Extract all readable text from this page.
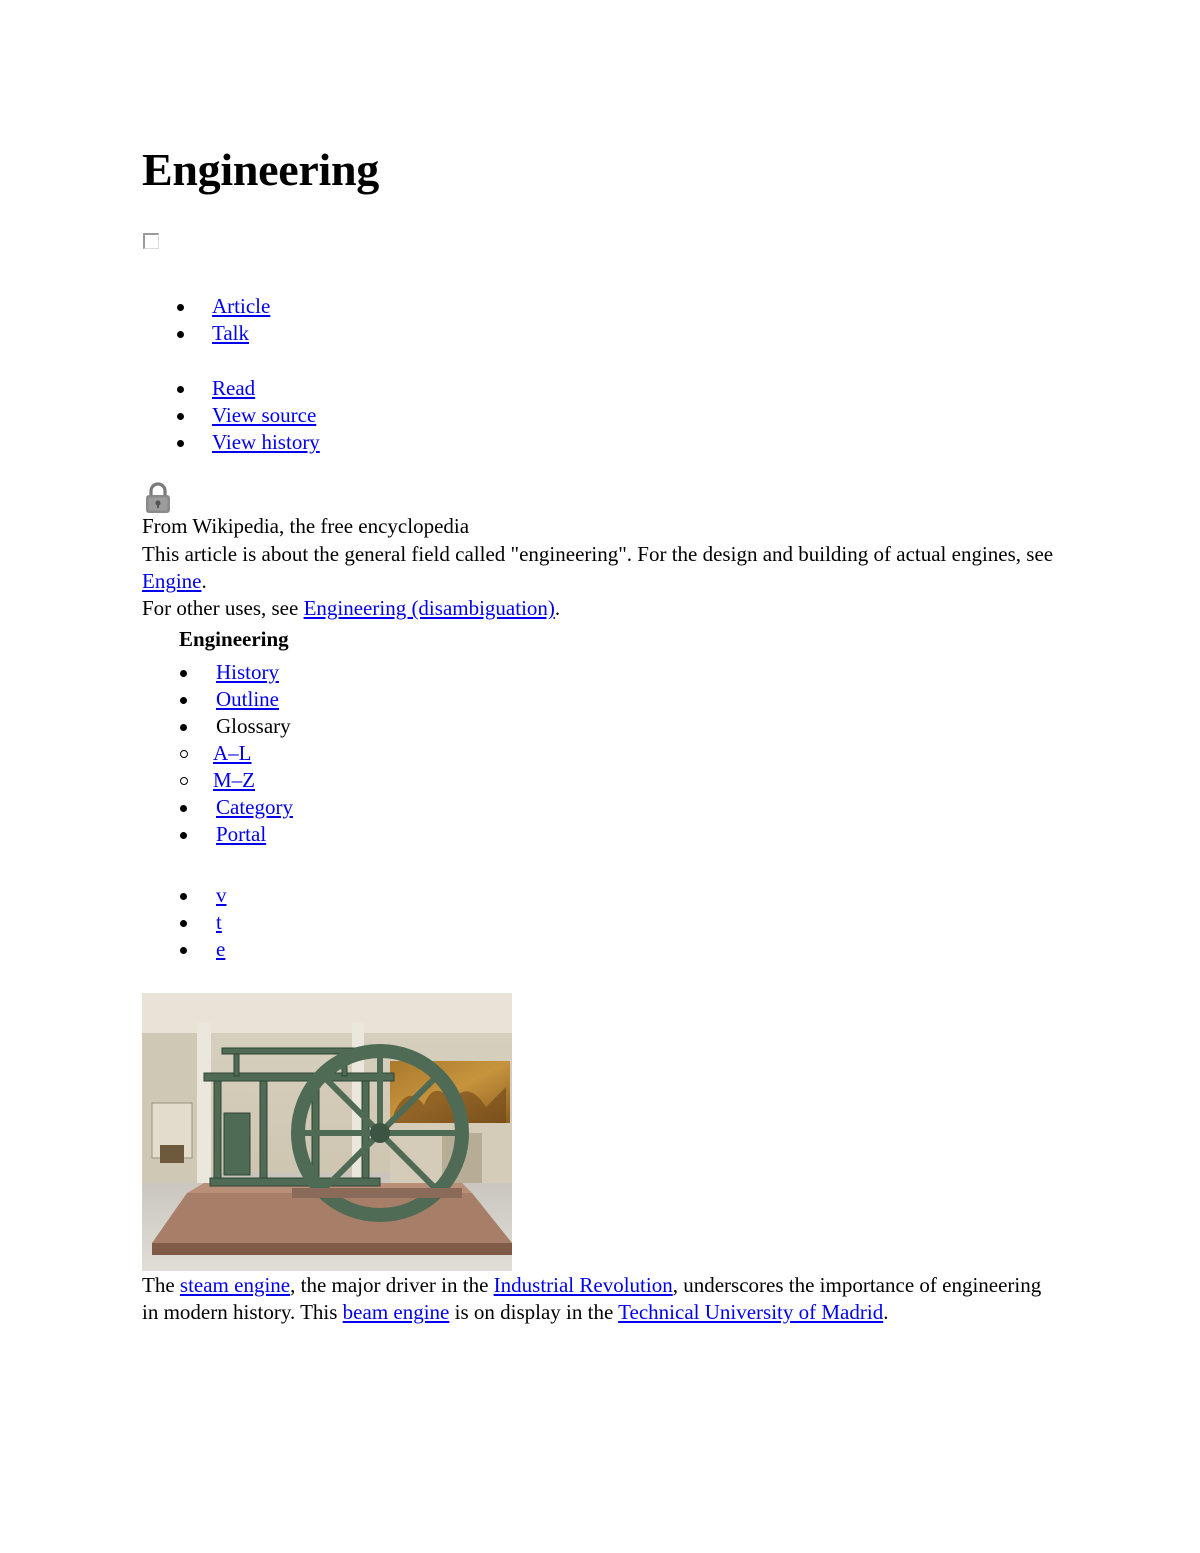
Engineering
Article
Talk
Read
View source
View history
From Wikipedia, the free encyclopedia
This article is about the general field called "engineering". For the design and building of actual engines, see Engine.
For other uses, see Engineering (disambiguation).
Engineering
History
Outline
Glossary
A–L
M–Z
Category
Portal
v
t
e
The steam engine, the major driver in the Industrial Revolution, underscores the importance of engineering in modern history. This beam engine is on display in the Technical University of Madrid.
